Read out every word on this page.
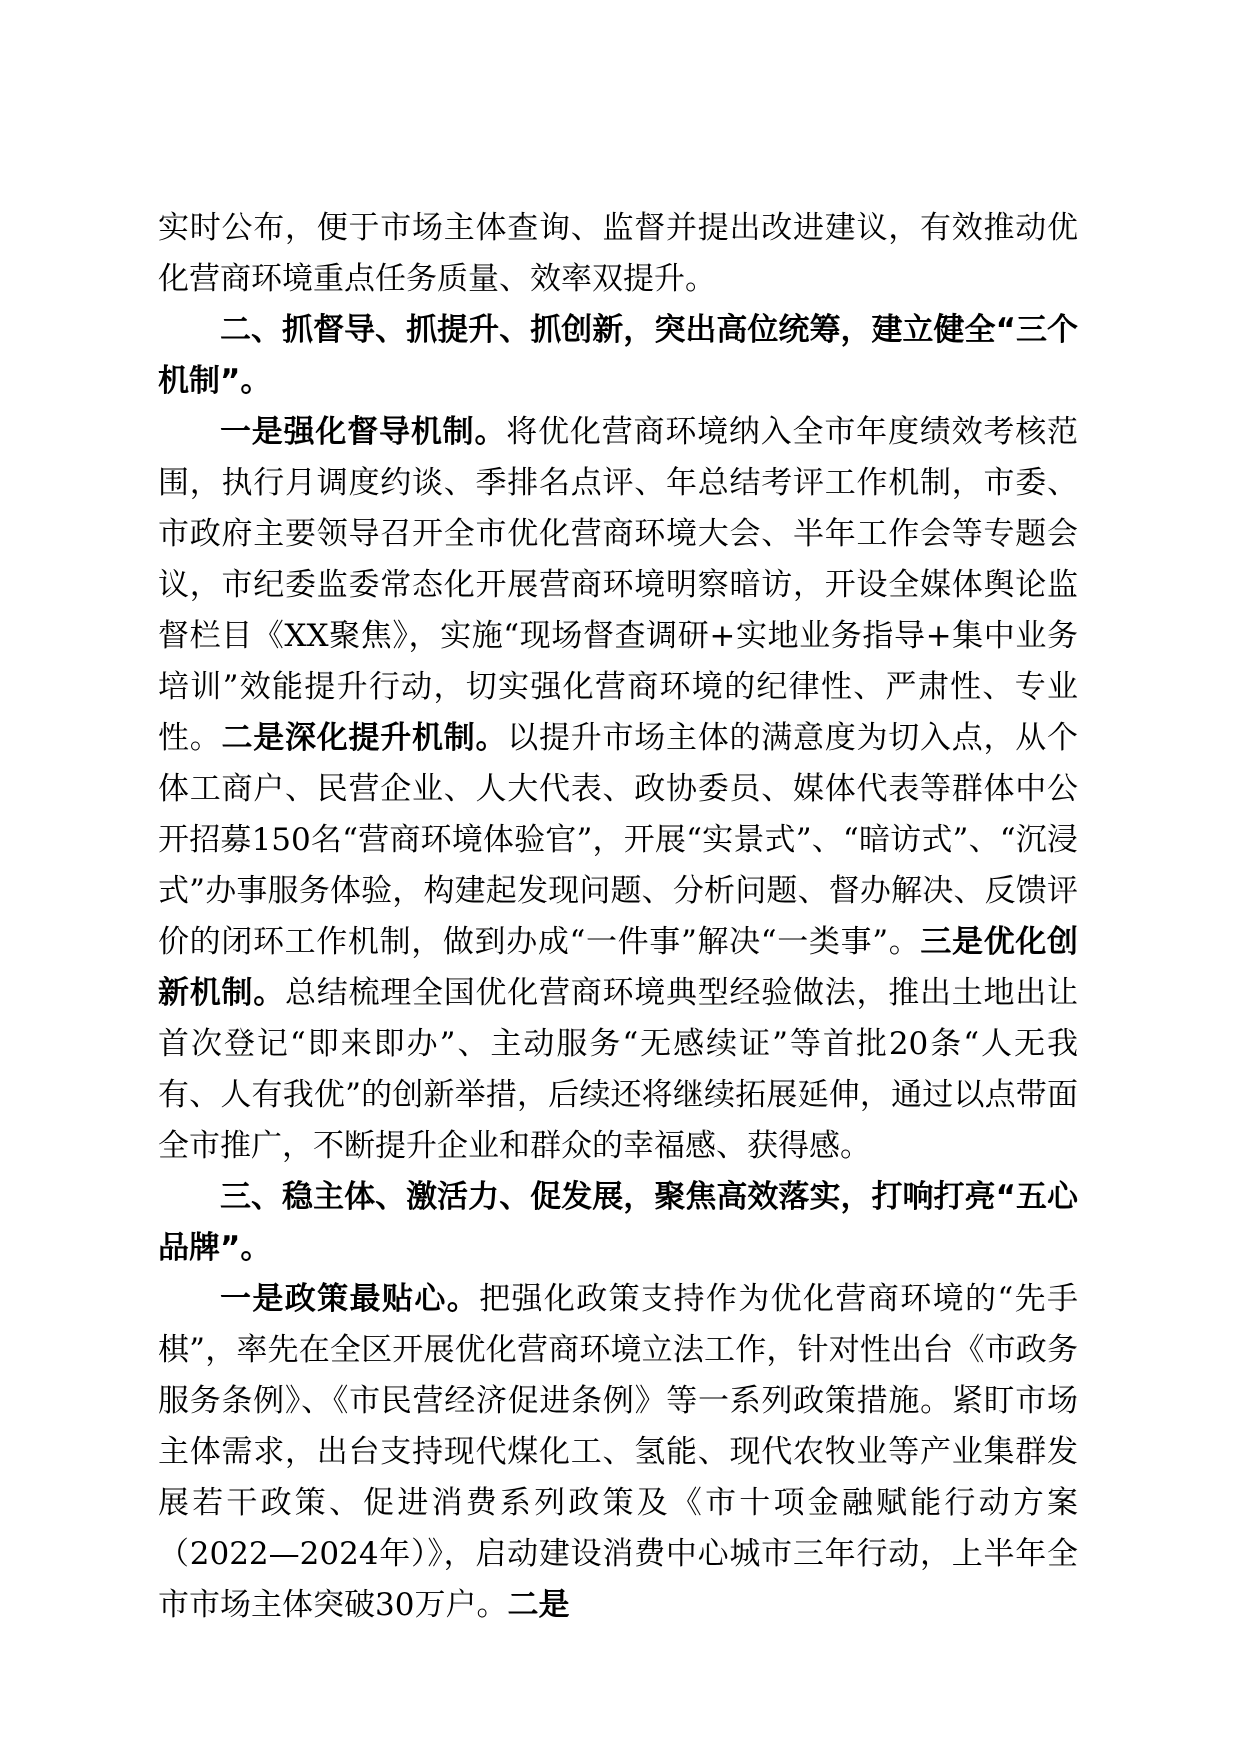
实时公布，便于市场主体查询、监督并提出改进建议，有效推动优化营商环境重点任务质量、效率双提升。

二、抓督导、抓提升、抓创新，突出高位统筹，建立健全“三个机制”。

一是强化督导机制。将优化营商环境纳入全市年度绩效考核范围，执行月调度约谈、季排名点评、年总结考评工作机制，市委、市政府主要领导召开全市优化营商环境大会、半年工作会等专题会议，市纪委监委常态化开展营商环境明察暗访，开设全媒体舆论监督栏目《XX聚焦》，实施“现场督查调研+实地业务指导+集中业务培训”效能提升行动，切实强化营商环境的纪律性、严肃性、专业性。二是深化提升机制。以提升市场主体的满意度为切入点，从个体工商户、民营企业、人大代表、政协委员、媒体代表等群体中公开招募150名“营商环境体验官”，开展“实景式”、“暗访式”、“沉浸式”办事服务体验，构建起发现问题、分析问题、督办解决、反馈评价的闭环工作机制，做到办成“一件事”解决“一类事”。三是优化创新机制。总结梳理全国优化营商环境典型经验做法，推出土地出让首次登记“即来即办”、主动服务“无感续证”等首批20条“人无我有、人有我优”的创新举措，后续还将继续拓展延伸，通过以点带面全市推广，不断提升企业和群众的幸福感、获得感。

三、稳主体、激活力、促发展，聚焦高效落实，打响打亮“五心品牌”。

一是政策最贴心。把强化政策支持作为优化营商环境的“先手棋”，率先在全区开展优化营商环境立法工作，针对性出台《市政务服务条例》、《市民营经济促进条例》等一系列政策措施。紧盯市场主体需求，出台支持现代煤化工、氢能、现代农牧业等产业集群发展若干政策、促进消费系列政策及《市十项金融赋能行动方案（2022—2024年）》，启动建设消费中心城市三年行动，上半年全市市场主体突破30万户。二是
